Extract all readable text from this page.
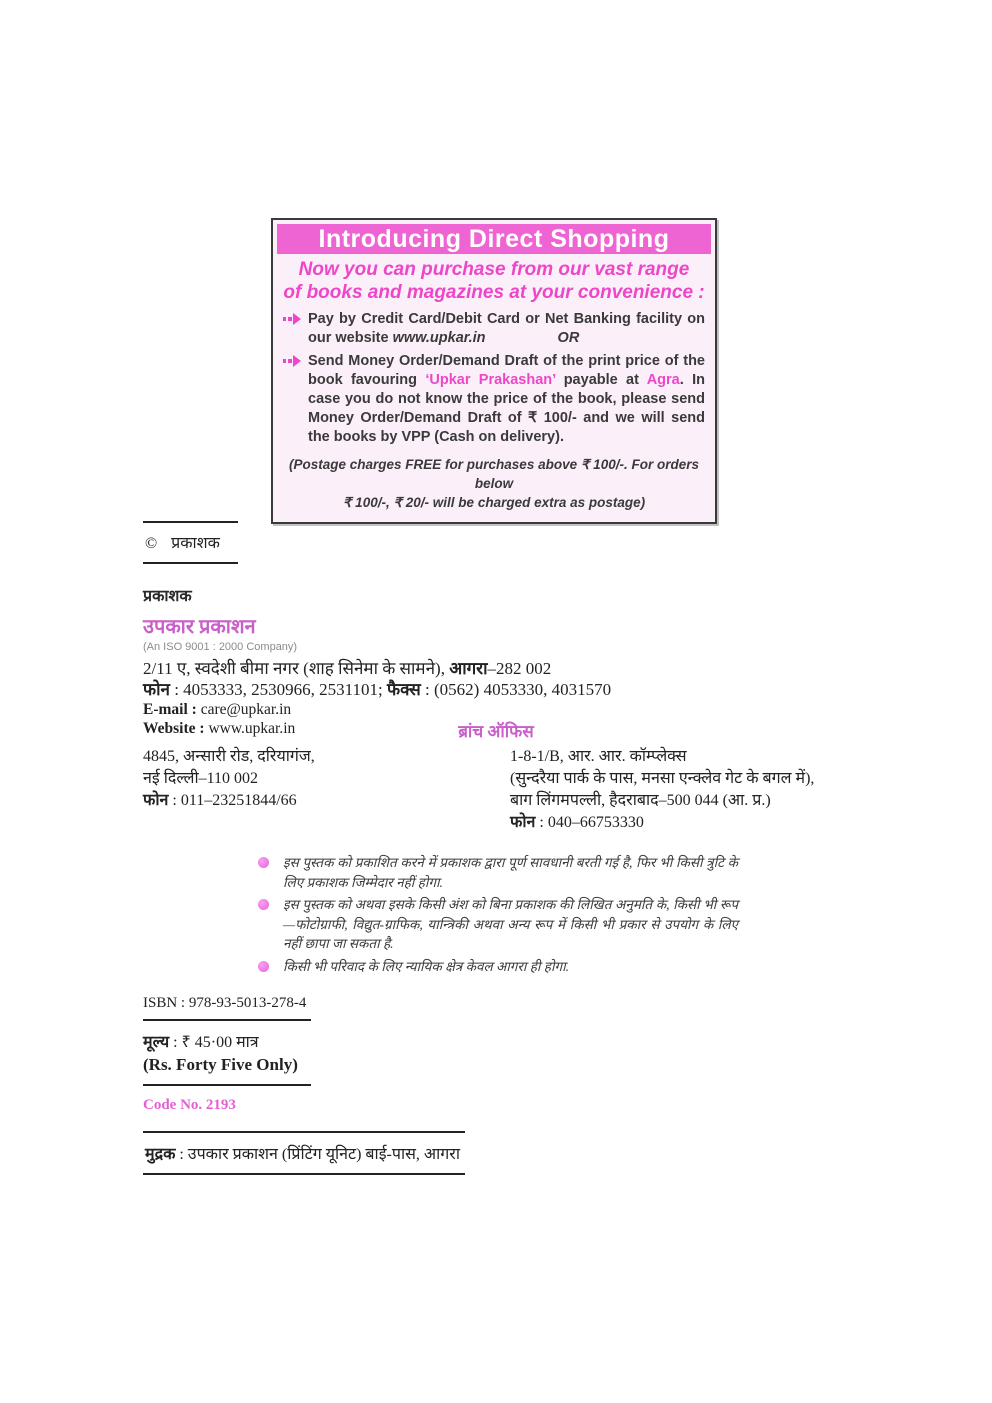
Introducing Direct Shopping
Now you can purchase from our vast range
of books and magazines at your convenience :
Pay by Credit Card/Debit Card or Net Banking facility on our website www.upkar.in	OR
Send Money Order/Demand Draft of the print price of the book favouring ‘Upkar Prakashan’ payable at Agra. In case you do not know the price of the book, please send Money Order/Demand Draft of ₹ 100/- and we will send the books by VPP (Cash on delivery).
(Postage charges FREE for purchases above ₹ 100/-. For orders below
₹ 100/-, ₹ 20/- will be charged extra as postage)
© प्रकाशक
प्रकाशक
उपकार प्रकाशन
(An ISO 9001 : 2000 Company)
2/11 ए, स्वदेशी बीमा नगर (शाह सिनेमा के सामने), आगरा–282 002
फोन : 4053333, 2530966, 2531101; फैक्स : (0562) 4053330, 4031570
E-mail : care@upkar.in
Website : www.upkar.in	ब्रांच ऑफिस
4845, अन्सारी रोड, दरियागंज,
नई दिल्ली–110 002
फोन : 011–23251844/66
1-8-1/B, आर. आर. कॉम्प्लेक्स
(सुन्दरैया पार्क के पास, मनसा एन्क्लेव गेट के बगल में),
बाग लिंगमपल्ली, हैदराबाद–500 044 (आ. प्र.)
फोन : 040–66753330
इस पुस्तक को प्रकाशित करने में प्रकाशक द्वारा पूर्ण सावधानी बरती गई है, फिर भी किसी त्रुटि के लिए प्रकाशक जिम्मेदार नहीं होगा.
इस पुस्तक को अथवा इसके किसी अंश को बिना प्रकाशक की लिखित अनुमति के, किसी भी रूप—फोटोग्राफी, विद्युत-ग्राफिक, यान्त्रिकी अथवा अन्य रूप में किसी भी प्रकार से उपयोग के लिए नहीं छापा जा सकता है.
किसी भी परिवाद के लिए न्यायिक क्षेत्र केवल आगरा ही होगा.
ISBN : 978-93-5013-278-4
मूल्य : ₹ 45·00 मात्र
(Rs. Forty Five Only)
Code No. 2193
मुद्रक : उपकार प्रकाशन (प्रिंटिंग यूनिट) बाई-पास, आगरा
